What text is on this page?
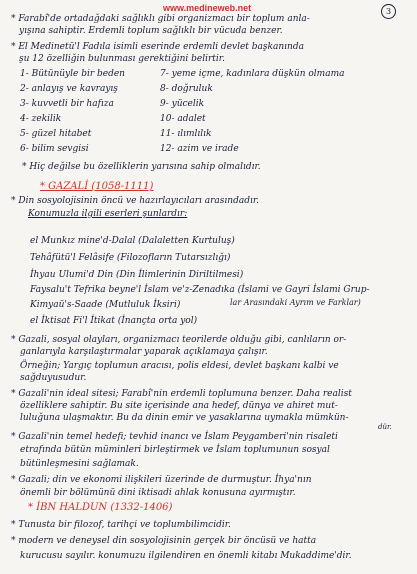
www.medineweb.net	3
* Farabî'de ortadağdaki sağlıklı gibi organizmacı bir toplum anla-
yışına sahiptir. Erdemli toplum sağlıklı bir vücuda benzer.
* El Medinetü'l Fadıla isimli eserinde erdemli devlet başkanında
şu 12 özelliğin bulunması gerektiğini belirtir.
1- Bütünüyle bir beden
2- anlayış ve kavrayış
3- kuvvetli bir hafıza
4- zekilik
5- güzel hitabet
6- bilim sevgisi
7- yeme içme, kadınlara düşkün olmama
8- doğruluk
9- yücelik
10- adalet
11- ılımlılık
12- azim ve irade
* Hiç değilse bu özelliklerin yarısına sahip olmalıdır.
* GAZALİ (1058-1111)
* Din sosyolojisinin öncü ve hazırlayıcıları arasındadır.
Konumuzla ilgili eserleri şunlardır:
el Munkız mine'd-Dalal (Dalaletten Kurtuluş)
Tehâfütü'l Felâsife (Filozofların Tutarsızlığı)
İhyau Ulumi'd Din (Din İlimlerinin Diriltilmesi)
Faysalu't Tefrika beyne'l İslam ve'z-Zenadıka (İslami ve Gayri İslami Grup-
lar Arasındaki Ayrım ve Farklar)
Kimyaü's-Saade (Mutluluk İksiri)
el İktisat Fi'l İtikat (İnançta orta yol)
* Gazali, sosyal olayları, organizmacı teorilerde olduğu gibi, canlıların or-
ganlarıyla karşılaştırmalar yaparak açıklamaya çalışır.
Örneğin; Yargıç toplumun aracısı, polis eldesi, devlet başkanı kalbi ve
sağduyusudur.
* Gazali'nin ideal sitesi; Farabî'nin erdemli toplumuna benzer. Daha realist
özelliklere sahiptir. Bu site içerisinde ana hedef, dünya ve ahiret mut-
luluğuna ulaşmaktır. Bu da dinin emir ve yasaklarına uymakla mümkün-
dür.
* Gazali'nin temel hedefi; tevhid inancı ve İslam Peygamberi'nin risaleti
etrafında bütün müminleri birleştirmek ve İslam toplumunun sosyal
bütünleşmesini sağlamak.
* Gazali; din ve ekonomi ilişkileri üzerinde de durmuştur. İhya'nın
önemli bir bölümünü dini iktisadi ahlak konusuna ayırmıştır.
* İBN HALDUN (1332-1406)
* Tunusta bir filozof, tarihçi ve toplumbilimcidir.
* modern ve deneysel din sosyolojisinin gerçek bir öncüsü ve hatta
kurucusu sayılır. konumuzu ilgilendiren en önemli kitabı Mukaddime'dir.
